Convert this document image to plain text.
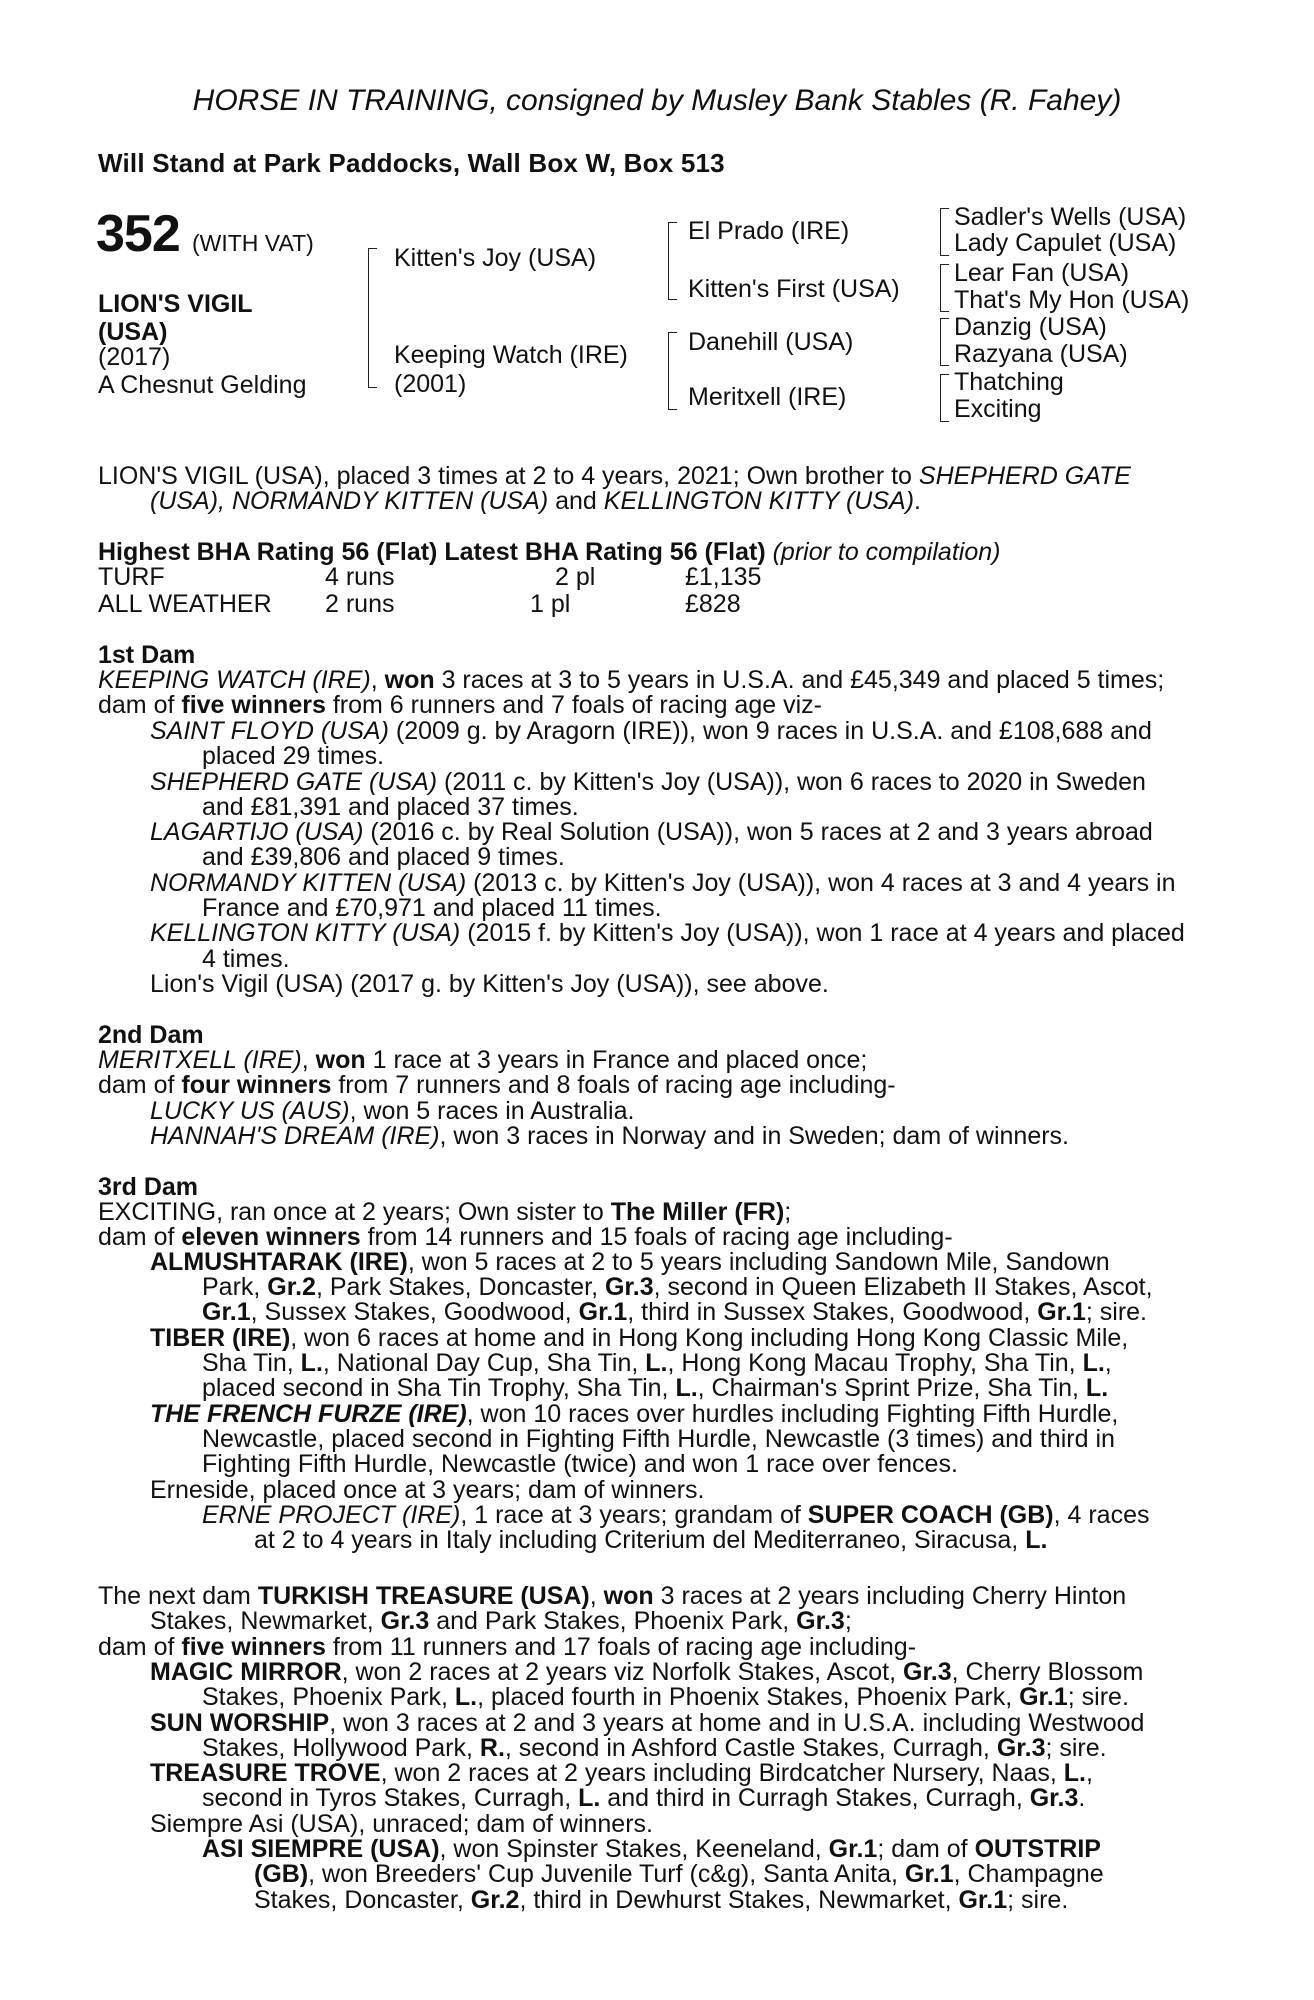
HORSE IN TRAINING, consigned by Musley Bank Stables (R. Fahey)
Will Stand at Park Paddocks, Wall Box W, Box 513
352 (WITH VAT)
LION'S VIGIL
(USA)
(2017)
A Chesnut Gelding
Kitten's Joy (USA)
Keeping Watch (IRE)
(2001)
El Prado (IRE)
Kitten's First (USA)
Danehill (USA)
Meritxell (IRE)
Sadler's Wells (USA)
Lady Capulet (USA)
Lear Fan (USA)
That's My Hon (USA)
Danzig (USA)
Razyana (USA)
Thatching
Exciting
LION'S VIGIL (USA), placed 3 times at 2 to 4 years, 2021; Own brother to SHEPHERD GATE
(USA), NORMANDY KITTEN (USA) and KELLINGTON KITTY (USA).
Highest BHA Rating 56 (Flat) Latest BHA Rating 56 (Flat) (prior to compilation)
TURF	4 runs	2 pl	£1,135
ALL WEATHER 2 runs	1 pl	£828
1st Dam
KEEPING WATCH (IRE), won 3 races at 3 to 5 years in U.S.A. and £45,349 and placed 5 times;
dam of five winners from 6 runners and 7 foals of racing age viz-
SAINT FLOYD (USA) (2009 g. by Aragorn (IRE)), won 9 races in U.S.A. and £108,688 and
placed 29 times.
SHEPHERD GATE (USA) (2011 c. by Kitten's Joy (USA)), won 6 races to 2020 in Sweden
and £81,391 and placed 37 times.
LAGARTIJO (USA) (2016 c. by Real Solution (USA)), won 5 races at 2 and 3 years abroad
and £39,806 and placed 9 times.
NORMANDY KITTEN (USA) (2013 c. by Kitten's Joy (USA)), won 4 races at 3 and 4 years in
France and £70,971 and placed 11 times.
KELLINGTON KITTY (USA) (2015 f. by Kitten's Joy (USA)), won 1 race at 4 years and placed
4 times.
Lion's Vigil (USA) (2017 g. by Kitten's Joy (USA)), see above.
2nd Dam
MERITXELL (IRE), won 1 race at 3 years in France and placed once;
dam of four winners from 7 runners and 8 foals of racing age including-
LUCKY US (AUS), won 5 races in Australia.
HANNAH'S DREAM (IRE), won 3 races in Norway and in Sweden; dam of winners.
3rd Dam
EXCITING, ran once at 2 years; Own sister to The Miller (FR);
dam of eleven winners from 14 runners and 15 foals of racing age including-
ALMUSHTARAK (IRE), won 5 races at 2 to 5 years including Sandown Mile, Sandown
Park, Gr.2, Park Stakes, Doncaster, Gr.3, second in Queen Elizabeth II Stakes, Ascot,
Gr.1, Sussex Stakes, Goodwood, Gr.1, third in Sussex Stakes, Goodwood, Gr.1; sire.
TIBER (IRE), won 6 races at home and in Hong Kong including Hong Kong Classic Mile,
Sha Tin, L., National Day Cup, Sha Tin, L., Hong Kong Macau Trophy, Sha Tin, L.,
placed second in Sha Tin Trophy, Sha Tin, L., Chairman's Sprint Prize, Sha Tin, L.
THE FRENCH FURZE (IRE), won 10 races over hurdles including Fighting Fifth Hurdle,
Newcastle, placed second in Fighting Fifth Hurdle, Newcastle (3 times) and third in
Fighting Fifth Hurdle, Newcastle (twice) and won 1 race over fences.
Erneside, placed once at 3 years; dam of winners.
ERNE PROJECT (IRE), 1 race at 3 years; grandam of SUPER COACH (GB), 4 races
at 2 to 4 years in Italy including Criterium del Mediterraneo, Siracusa, L.
The next dam TURKISH TREASURE (USA), won 3 races at 2 years including Cherry Hinton
Stakes, Newmarket, Gr.3 and Park Stakes, Phoenix Park, Gr.3;
dam of five winners from 11 runners and 17 foals of racing age including-
MAGIC MIRROR, won 2 races at 2 years viz Norfolk Stakes, Ascot, Gr.3, Cherry Blossom
Stakes, Phoenix Park, L., placed fourth in Phoenix Stakes, Phoenix Park, Gr.1; sire.
SUN WORSHIP, won 3 races at 2 and 3 years at home and in U.S.A. including Westwood
Stakes, Hollywood Park, R., second in Ashford Castle Stakes, Curragh, Gr.3; sire.
TREASURE TROVE, won 2 races at 2 years including Birdcatcher Nursery, Naas, L.,
second in Tyros Stakes, Curragh, L. and third in Curragh Stakes, Curragh, Gr.3.
Siempre Asi (USA), unraced; dam of winners.
ASI SIEMPRE (USA), won Spinster Stakes, Keeneland, Gr.1; dam of OUTSTRIP
(GB), won Breeders' Cup Juvenile Turf (c&g), Santa Anita, Gr.1, Champagne
Stakes, Doncaster, Gr.2, third in Dewhurst Stakes, Newmarket, Gr.1; sire.
